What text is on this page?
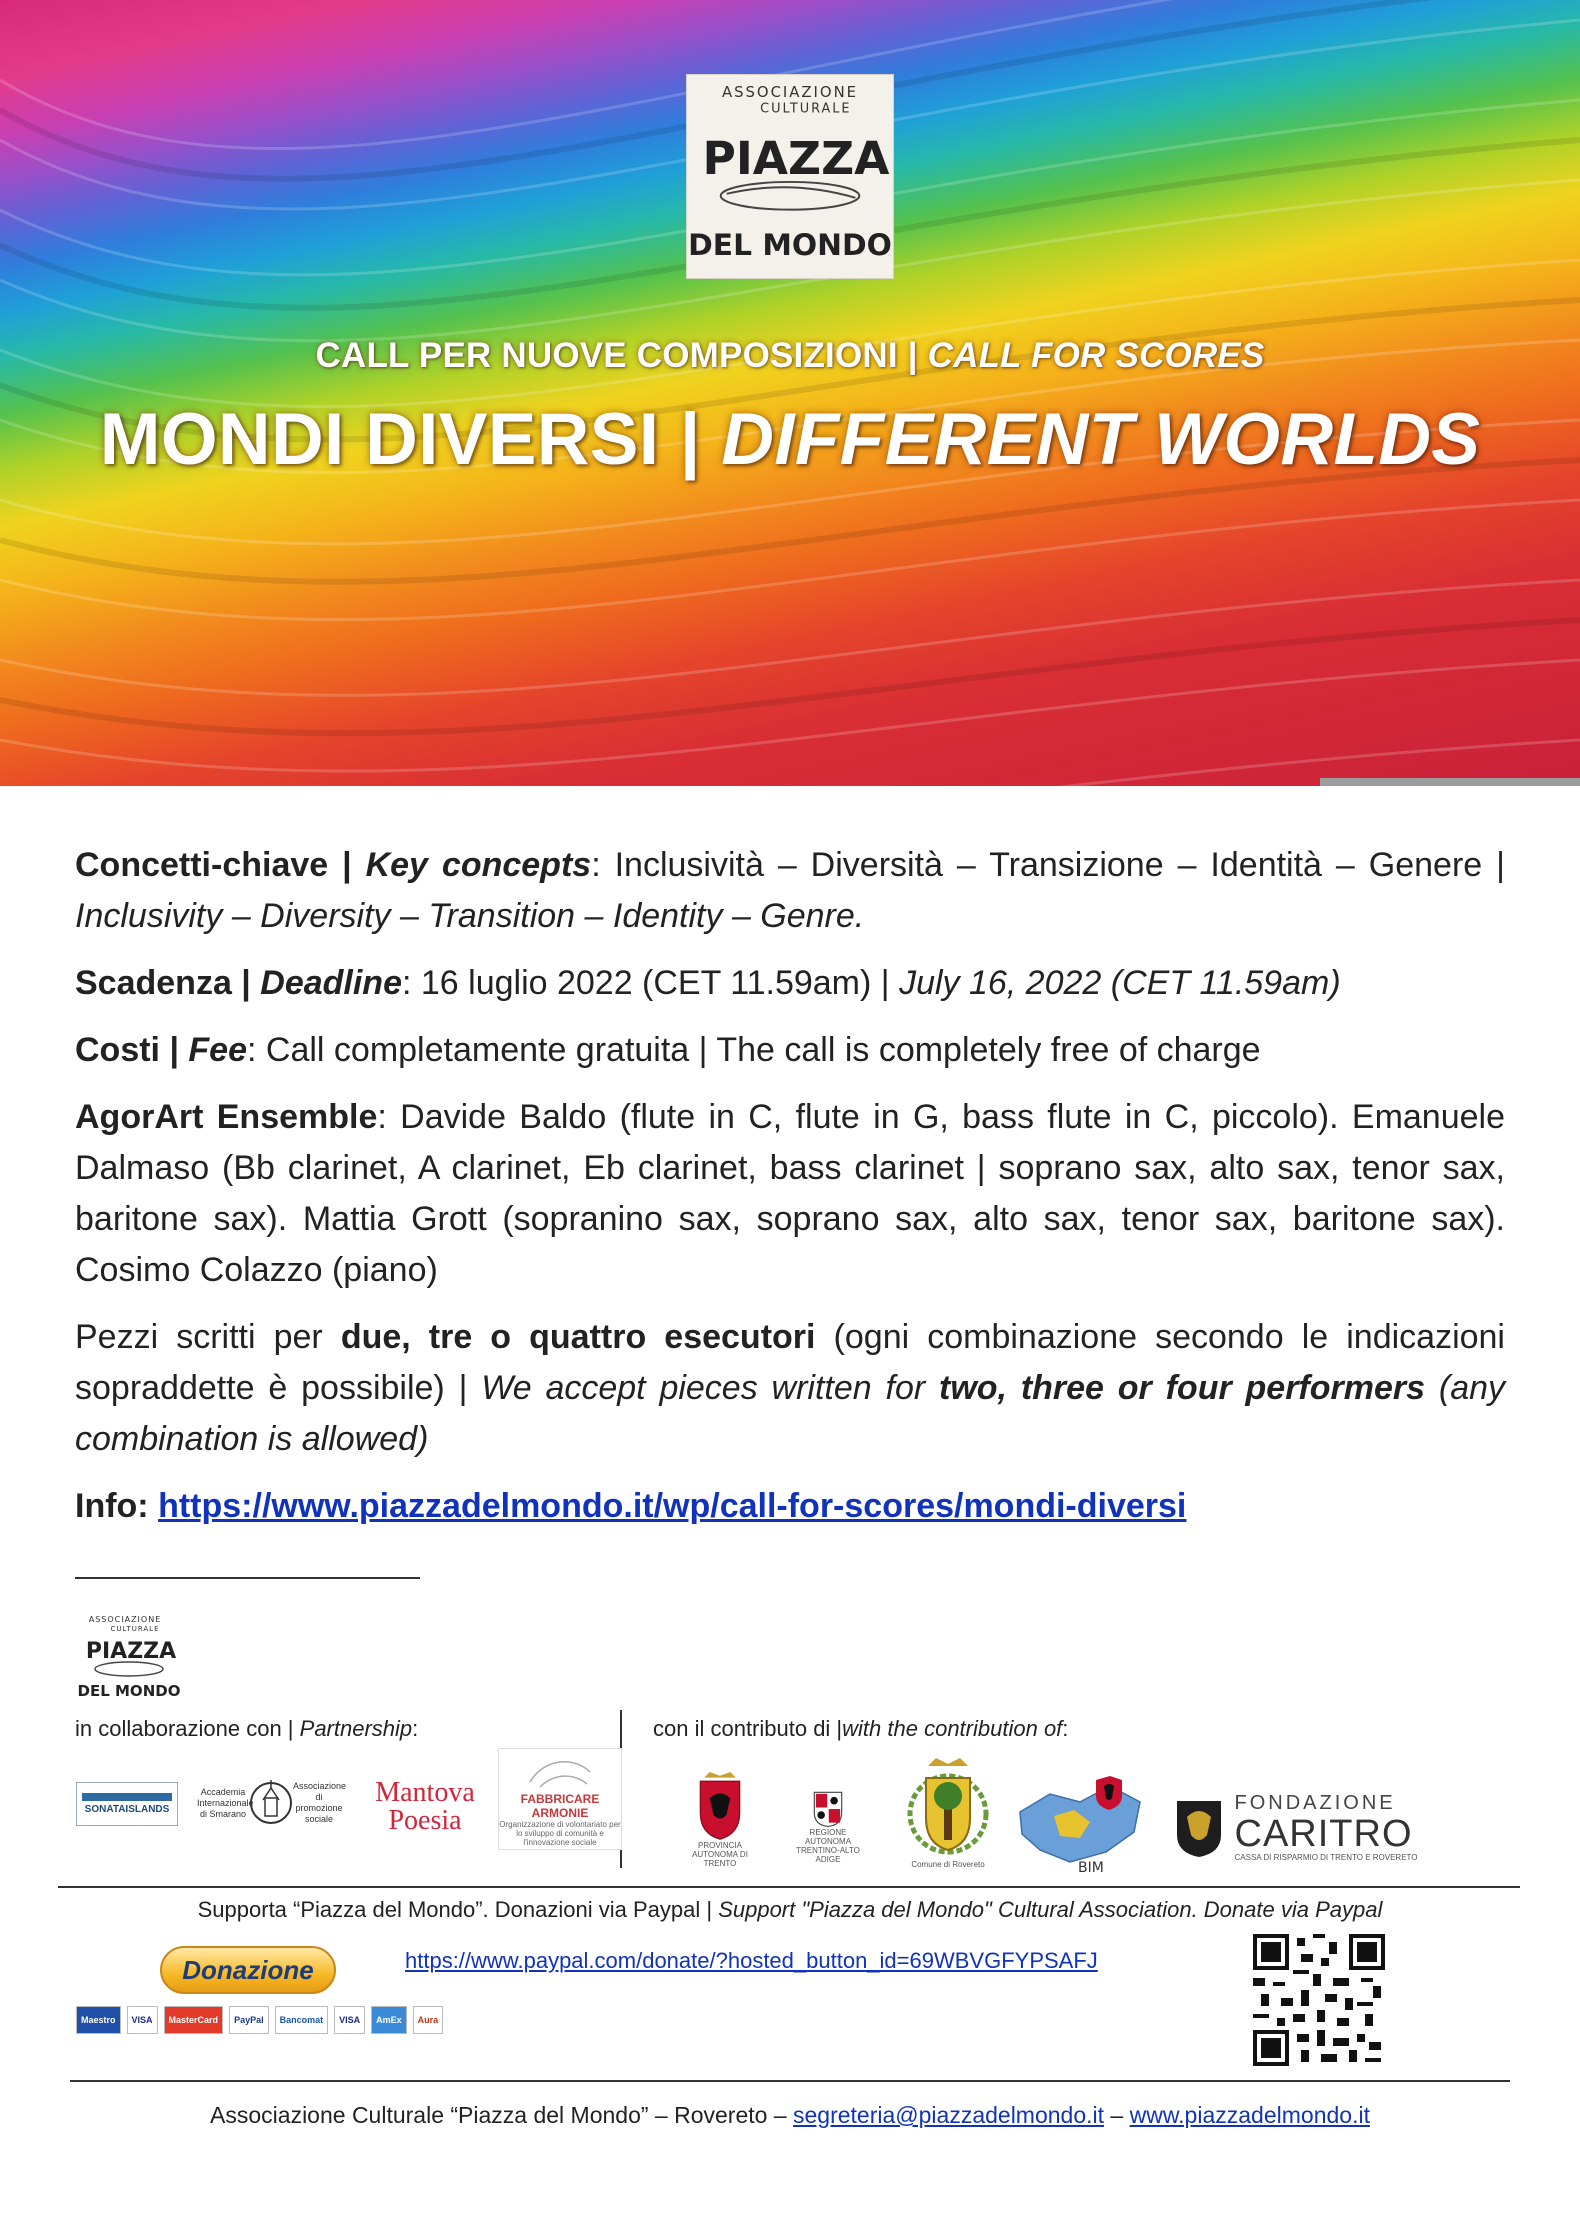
ASSOCIAZIONE
CULTURALE
PIAZZA
DEL MONDO
CALL PER NUOVE COMPOSIZIONI | CALL FOR SCORES
MONDI DIVERSI | DIFFERENT WORLDS

Concetti-chiave | Key concepts: Inclusività – Diversità – Transizione – Identità – Genere | Inclusivity – Diversity – Transition – Identity – Genre.

Scadenza | Deadline: 16 luglio 2022 (CET 11.59am) | July 16, 2022 (CET 11.59am)

Costi | Fee: Call completamente gratuita | The call is completely free of charge

AgorArt Ensemble: Davide Baldo (flute in C, flute in G, bass flute in C, piccolo). Emanuele Dalmaso (Bb clarinet, A clarinet, Eb clarinet, bass clarinet | soprano sax, alto sax, tenor sax, baritone sax). Mattia Grott (sopranino sax, soprano sax, alto sax, tenor sax, baritone sax). Cosimo Colazzo (piano)

Pezzi scritti per due, tre o quattro esecutori (ogni combinazione secondo le indicazioni sopraddette è possibile) | We accept pieces written for two, three or four performers (any combination is allowed)

Info: https://www.piazzadelmondo.it/wp/call-for-scores/mondi-diversi

ASSOCIAZIONE
CULTURALE
PIAZZA
DEL MONDO
in collaborazione con | Partnership:	con il contributo di |with the contribution of:
SONATAISLANDS
Accademia Internazionale di Smarano
Associazione di promozione sociale
Mantova
Poesia
FABBRICARE
ARMONIE
Organizzazione di volontariato per lo sviluppo di comunità e l'innovazione sociale	PROVINCIA AUTONOMA DI TRENTO
REGIONE AUTONOMA TRENTINO-ALTO ADIGE	Comune di Rovereto	BIM
FONDAZIONE
CARITRO
CASSA DI RISPARMIO DI TRENTO E ROVERETO
Supporta “Piazza del Mondo”. Donazioni via Paypal | Support "Piazza del Mondo" Cultural Association. Donate via Paypal
Donazione
Maestro	VISA	MasterCard	PayPal	Bancomat	VISA	AmEx	Aura
https://www.paypal.com/donate/?hosted_button_id=69WBVGFYPSAFJ
Associazione Culturale “Piazza del Mondo” – Rovereto – segreteria@piazzadelmondo.it – www.piazzadelmondo.it
